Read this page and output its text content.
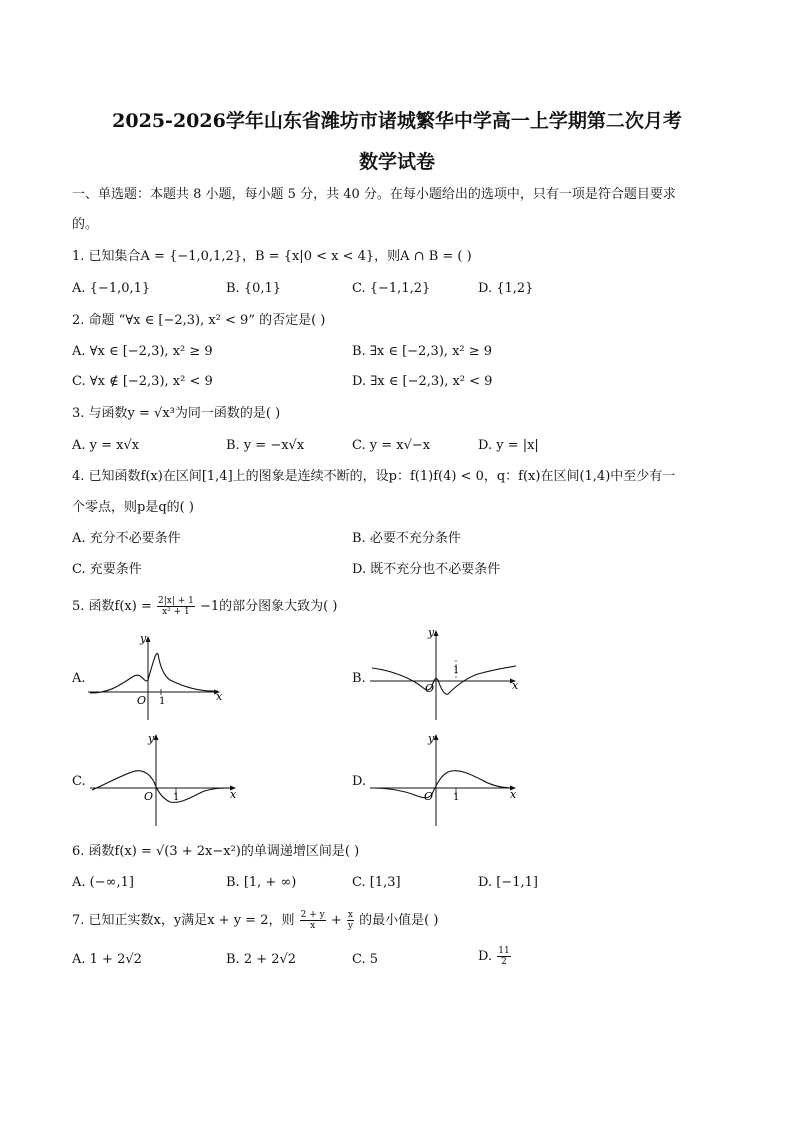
2025-2026学年山东省潍坊市诸城繁华中学高一上学期第二次月考
数学试卷
一、单选题：本题共 8 小题，每小题 5 分，共 40 分。在每小题给出的选项中，只有一项是符合题目要求
的。
1. 已知集合A = {−1,0,1,2}，B = {x|0 < x < 4}，则A ∩ B = ( )
A. {−1,0,1}	B. {0,1}	C. {−1,1,2}	D. {1,2}
2. 命题 “∀x ∈ [−2,3), x² < 9” 的否定是( )
A. ∀x ∈ [−2,3), x² ≥ 9	B. ∃x ∈ [−2,3), x² ≥ 9
C. ∀x ∉ [−2,3), x² < 9	D. ∃x ∈ [−2,3), x² < 9
3. 与函数y = √x³为同一函数的是( )
A. y = x√x	B. y = −x√x	C. y = x√−x	D. y = |x|
4. 已知函数f(x)在区间[1,4]上的图象是连续不断的，设p：f(1)f(4) < 0，q：f(x)在区间(1,4)中至少有一
个零点，则p是q的( )
A. 充分不必要条件	B. 必要不充分条件
C. 充要条件	D. 既不充分也不必要条件
5. 函数$f(x) = \frac{2|x| + 1}{\text{x² + 1}} -1$的部分图象大致为( )
A.
y
x
O 1
B.
y
x
O
1
C.
y
x
O 1
D.
y
x
O 1
6. 函数f(x) = √(3 + 2x−x²)的单调递增区间是( )
A. (−∞,1]	B. [1, + ∞)	C. [1,3]	D. [−1,1]
7. 已知正实数x，y满足x + y = 2，则 $\frac{2 + y}{x} + \frac{x}{y}$ 的最小值是( )
A. 1 + 2√2	B. 2 + 2√2	C. 5	D. $\frac{11}{2}$
